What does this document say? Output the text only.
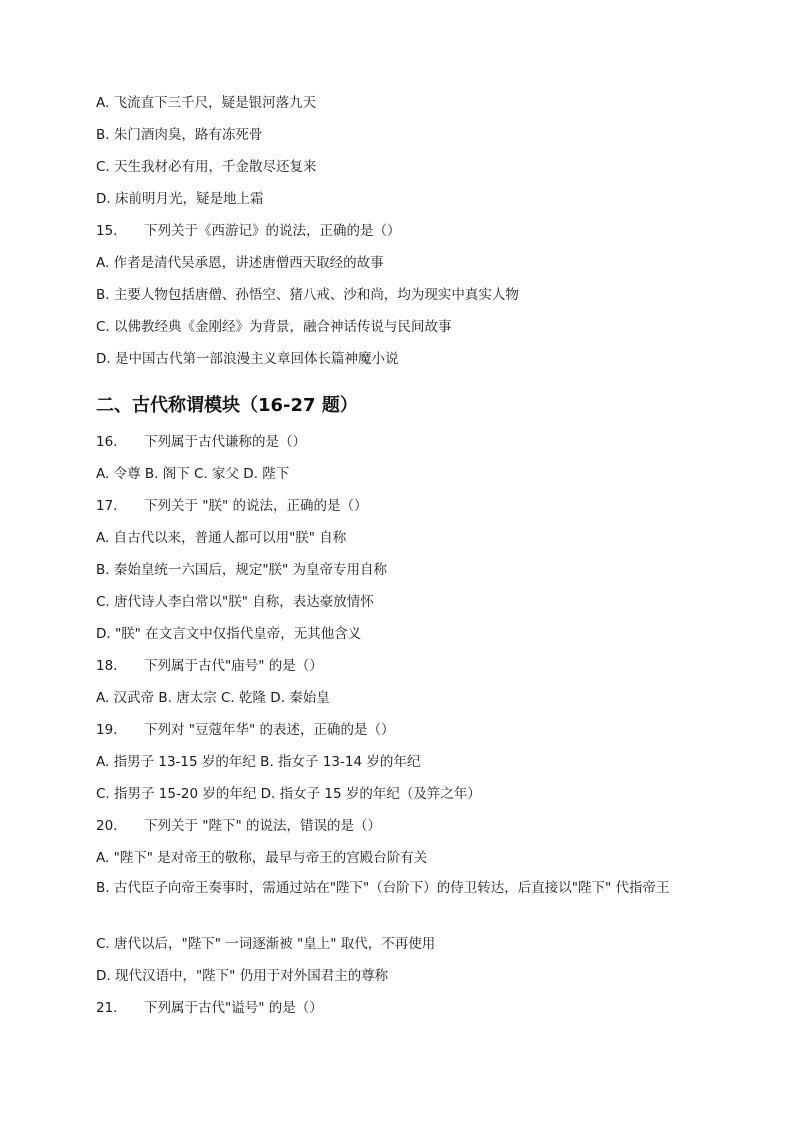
A. 飞流直下三千尺，疑是银河落九天
B. 朱门酒肉臭，路有冻死骨
C. 天生我材必有用，千金散尽还复来
D. 床前明月光，疑是地上霜
15. 下列关于《西游记》的说法，正确的是（）
A. 作者是清代吴承恩，讲述唐僧西天取经的故事
B. 主要人物包括唐僧、孙悟空、猪八戒、沙和尚，均为现实中真实人物
C. 以佛教经典《金刚经》为背景，融合神话传说与民间故事
D. 是中国古代第一部浪漫主义章回体长篇神魔小说
二、古代称谓模块（16-27 题）
16. 下列属于古代谦称的是（）
A. 令尊 B. 阁下 C. 家父 D. 陛下
17. 下列关于 "朕" 的说法，正确的是（）
A. 自古代以来，普通人都可以用"朕" 自称
B. 秦始皇统一六国后，规定"朕" 为皇帝专用自称
C. 唐代诗人李白常以"朕" 自称，表达豪放情怀
D. "朕" 在文言文中仅指代皇帝，无其他含义
18. 下列属于古代"庙号" 的是（）
A. 汉武帝 B. 唐太宗 C. 乾隆 D. 秦始皇
19. 下列对 "豆蔻年华" 的表述，正确的是（）
A. 指男子 13-15 岁的年纪 B. 指女子 13-14 岁的年纪
C. 指男子 15-20 岁的年纪 D. 指女子 15 岁的年纪（及笄之年）
20. 下列关于 "陛下" 的说法，错误的是（）
A. "陛下" 是对帝王的敬称，最早与帝王的宫殿台阶有关
B. 古代臣子向帝王奏事时，需通过站在"陛下"（台阶下）的侍卫转达，后直接以"陛下" 代指帝王
C. 唐代以后，"陛下" 一词逐渐被 "皇上" 取代，不再使用
D. 现代汉语中，"陛下" 仍用于对外国君主的尊称
21. 下列属于古代"谥号" 的是（）
